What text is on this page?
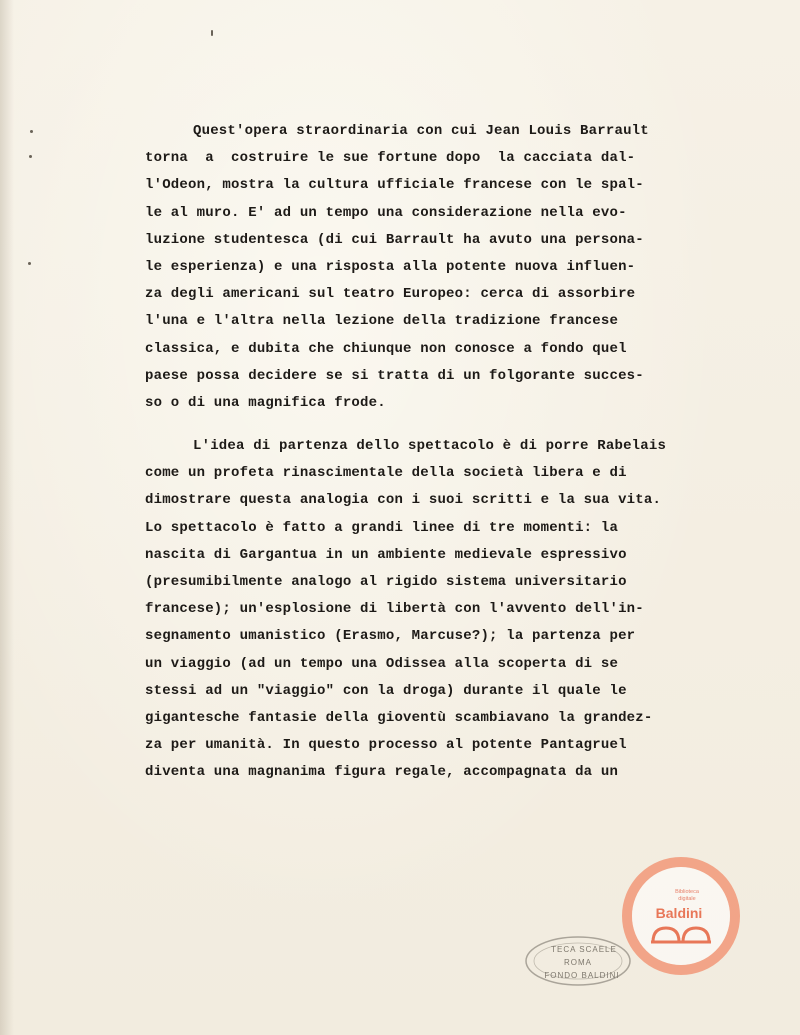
Quest'opera straordinaria con cui Jean Louis Barrault
torna  a  costruire le sue fortune dopo  la cacciata dal-
l'Odeon, mostra la cultura ufficiale francese con le spal-
le al muro. E' ad un tempo una considerazione nella evo-
luzione studentesca (di cui Barrault ha avuto una persona-
le esperienza) e una risposta alla potente nuova influen-
za degli americani sul teatro Europeo: cerca di assorbire
l'una e l'altra nella lezione della tradizione francese
classica, e dubita che chiunque non conosce a fondo quel
paese possa decidere se si tratta di un folgorante succes-
so o di una magnifica frode.
L'idea di partenza dello spettacolo è di porre Rabelais
come un profeta rinascimentale della società libera e di
dimostrare questa analogia con i suoi scritti e la sua vita.
Lo spettacolo è fatto a grandi linee di tre momenti: la
nascita di Gargantua in un ambiente medievale espressivo
(presumibilmente analogo al rigido sistema universitario
francese); un'esplosione di libertà con l'avvento dell'in-
segnamento umanistico (Erasmo, Marcuse?); la partenza per
un viaggio (ad un tempo una Odissea alla scoperta di se
stessi ad un "viaggio" con la droga) durante il quale le
gigantesche fantasie della gioventù scambiavano la grandez-
za per umanità. In questo processo al potente Pantagruel
diventa una magnanima figura regale, accompagnata da un
Biblioteca
digitale
Baldini
TECA SCAELE
ROMA
FONDO BALDINI
